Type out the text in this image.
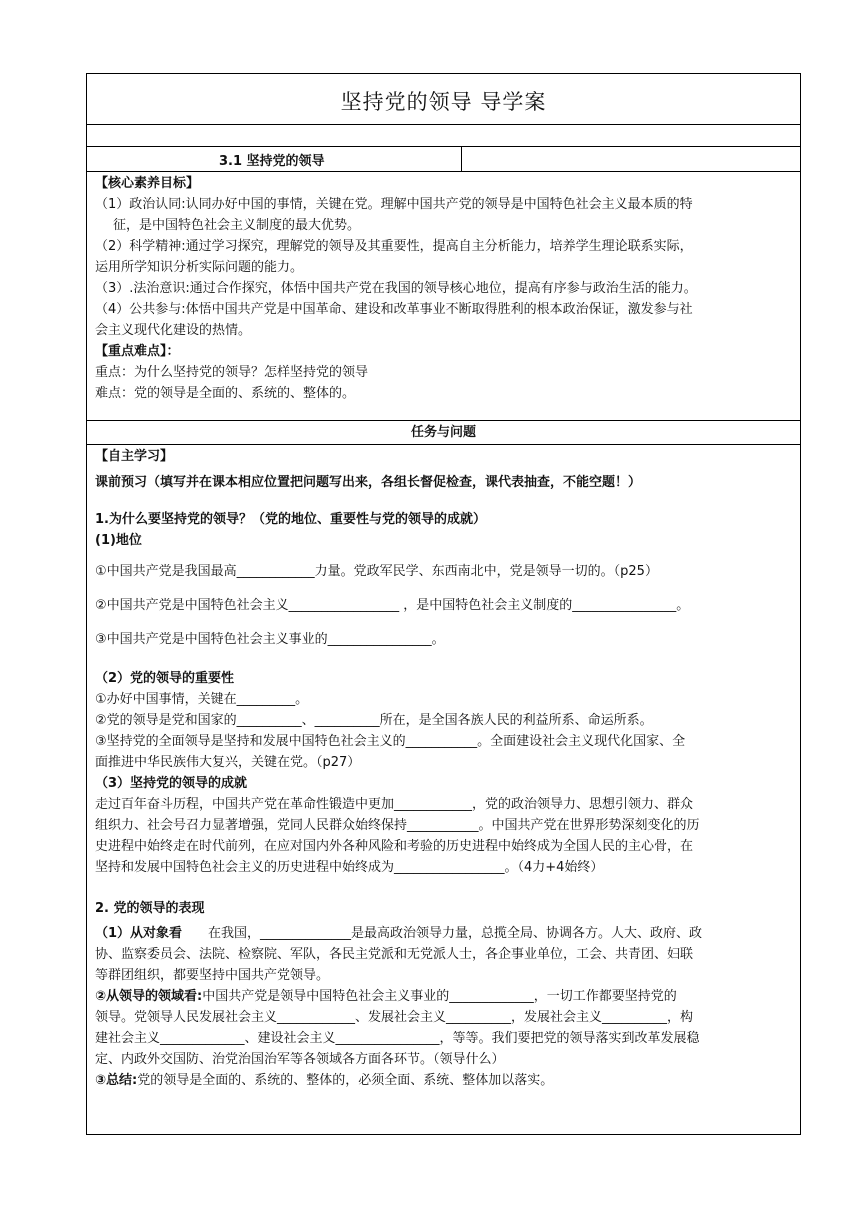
坚持党的领导 导学案
3.1 坚持党的领导
【核心素养目标】
（1）政治认同:认同办好中国的事情，关键在党。理解中国共产党的领导是中国特色社会主义最本质的特
征，是中国特色社会主义制度的最大优势。
（2）科学精神:通过学习探究，理解党的领导及其重要性，提高自主分析能力，培养学生理论联系实际，
运用所学知识分析实际问题的能力。
（3）.法治意识:通过合作探究，体悟中国共产党在我国的领导核心地位，提高有序参与政治生活的能力。
（4）公共参与:体悟中国共产党是中国革命、建设和改革事业不断取得胜利的根本政治保证，激发参与社
会主义现代化建设的热情。
【重点难点】：
重点：为什么坚持党的领导？怎样坚持党的领导
难点：党的领导是全面的、系统的、整体的。
任务与问题
【自主学习】
课前预习（填写并在课本相应位置把问题写出来，各组长督促检查，课代表抽查，不能空题！）
1.为什么要坚持党的领导？（党的地位、重要性与党的领导的成就）
(1)地位
①中国共产党是我国最高____________力量。党政军民学、东西南北中，党是领导一切的。（p25）
②中国共产党是中国特色社会主义_________________ ，是中国特色社会主义制度的________________。
③中国共产党是中国特色社会主义事业的________________。
（2）党的领导的重要性
①办好中国事情，关键在_________。
②党的领导是党和国家的__________、__________所在，是全国各族人民的利益所系、命运所系。
③坚持党的全面领导是坚持和发展中国特色社会主义的___________。全面建设社会主义现代化国家、全
面推进中华民族伟大复兴，关键在党。（p27）
（3）坚持党的领导的成就
走过百年奋斗历程，中国共产党在革命性锻造中更加____________，党的政治领导力、思想引领力、群众
组织力、社会号召力显著增强，党同人民群众始终保持___________。中国共产党在世界形势深刻变化的历
史进程中始终走在时代前列，在应对国内外各种风险和考验的历史进程中始终成为全国人民的主心骨，在
坚持和发展中国特色社会主义的历史进程中始终成为_________________。（4力+4始终）
2. 党的领导的表现
（1）从对象看　　在我国，______________是最高政治领导力量，总揽全局、协调各方。人大、政府、政
协、监察委员会、法院、检察院、军队，各民主党派和无党派人士，各企事业单位，工会、共青团、妇联
等群团组织，都要坚持中国共产党领导。
②从领导的领域看:中国共产党是领导中国特色社会主义事业的_____________，一切工作都要坚持党的
领导。党领导人民发展社会主义____________、发展社会主义__________，发展社会主义__________，构
建社会主义_____________、建设社会主义________________，等等。我们要把党的领导落实到改革发展稳
定、内政外交国防、治党治国治军等各领域各方面各环节。（领导什么）
③总结:党的领导是全面的、系统的、整体的，必须全面、系统、整体加以落实。
